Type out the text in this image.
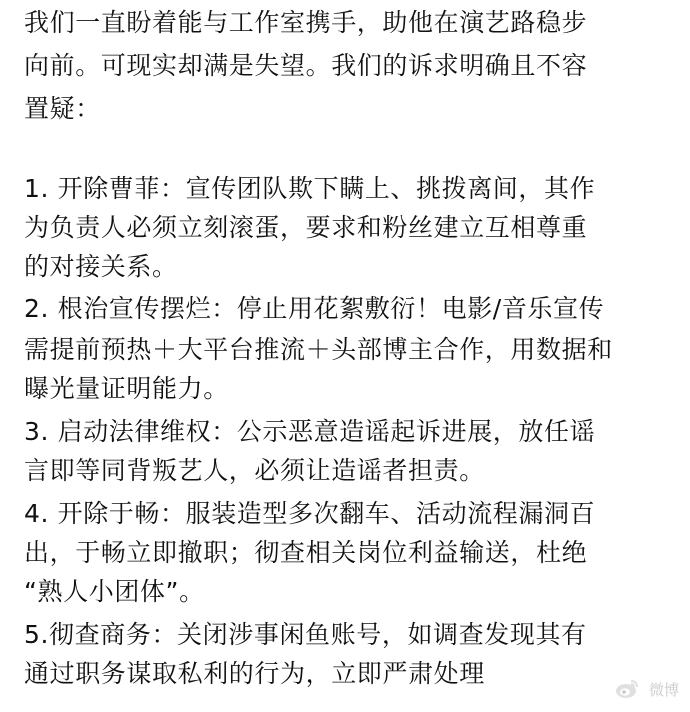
我们一直盼着能与工作室携手，助他在演艺路稳步
向前。可现实却满是失望。我们的诉求明确且不容
置疑：
1. 开除曹菲：宣传团队欺下瞒上、挑拨离间，其作
为负责人必须立刻滚蛋，要求和粉丝建立互相尊重
的对接关系。
2. 根治宣传摆烂：停止用花絮敷衍！电影/音乐宣传
需提前预热＋大平台推流＋头部博主合作，用数据和
曝光量证明能力。
3. 启动法律维权：公示恶意造谣起诉进展，放任谣
言即等同背叛艺人，必须让造谣者担责。
4. 开除于畅：服装造型多次翻车、活动流程漏洞百
出，于畅立即撤职；彻查相关岗位利益输送，杜绝
“熟人小团体”。
5.彻查商务：关闭涉事闲鱼账号，如调查发现其有
通过职务谋取私利的行为，立即严肃处理
微博
